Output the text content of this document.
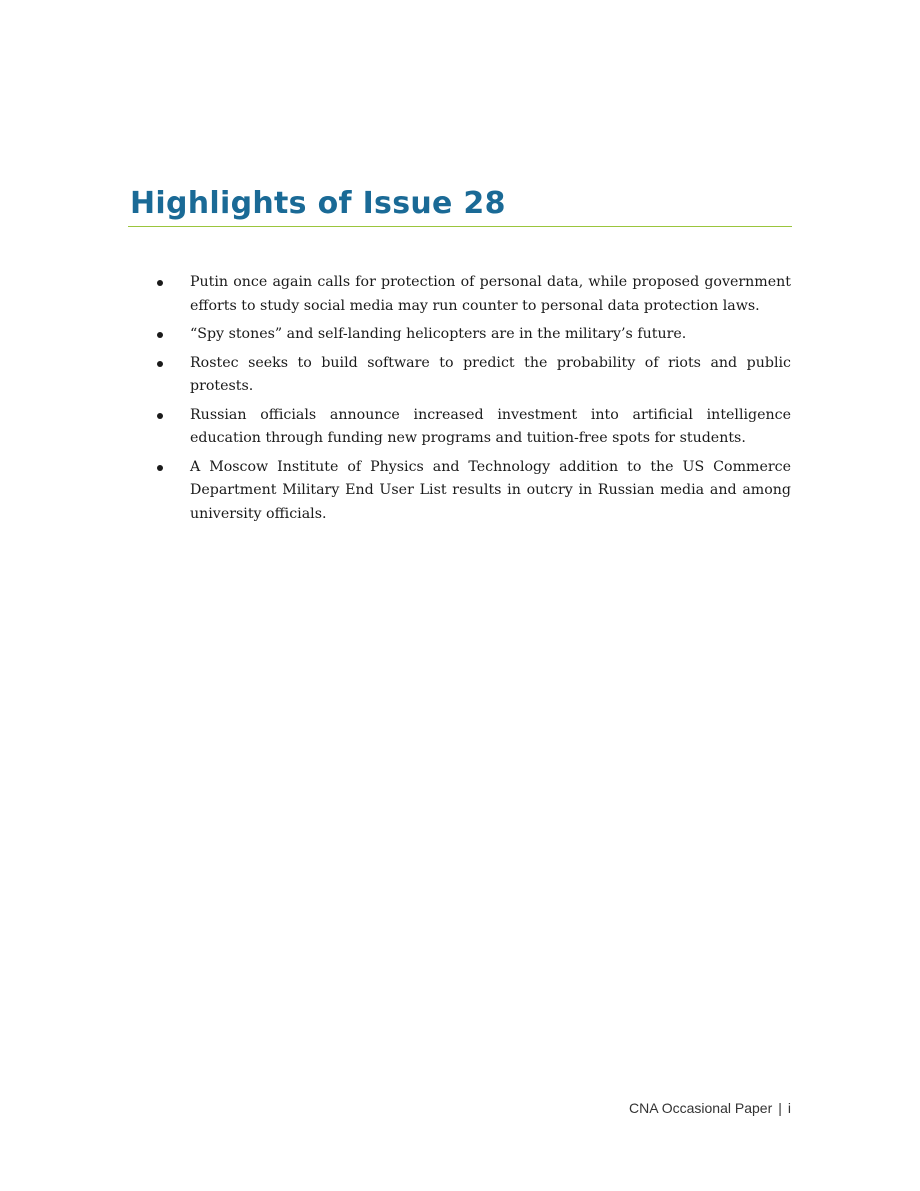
Highlights of Issue 28
Putin once again calls for protection of personal data, while proposed government efforts to study social media may run counter to personal data protection laws.
“Spy stones” and self-landing helicopters are in the military’s future.
Rostec seeks to build software to predict the probability of riots and public protests.
Russian officials announce increased investment into artificial intelligence education through funding new programs and tuition-free spots for students.
A Moscow Institute of Physics and Technology addition to the US Commerce Department Military End User List results in outcry in Russian media and among university officials.
CNA Occasional Paper | i
